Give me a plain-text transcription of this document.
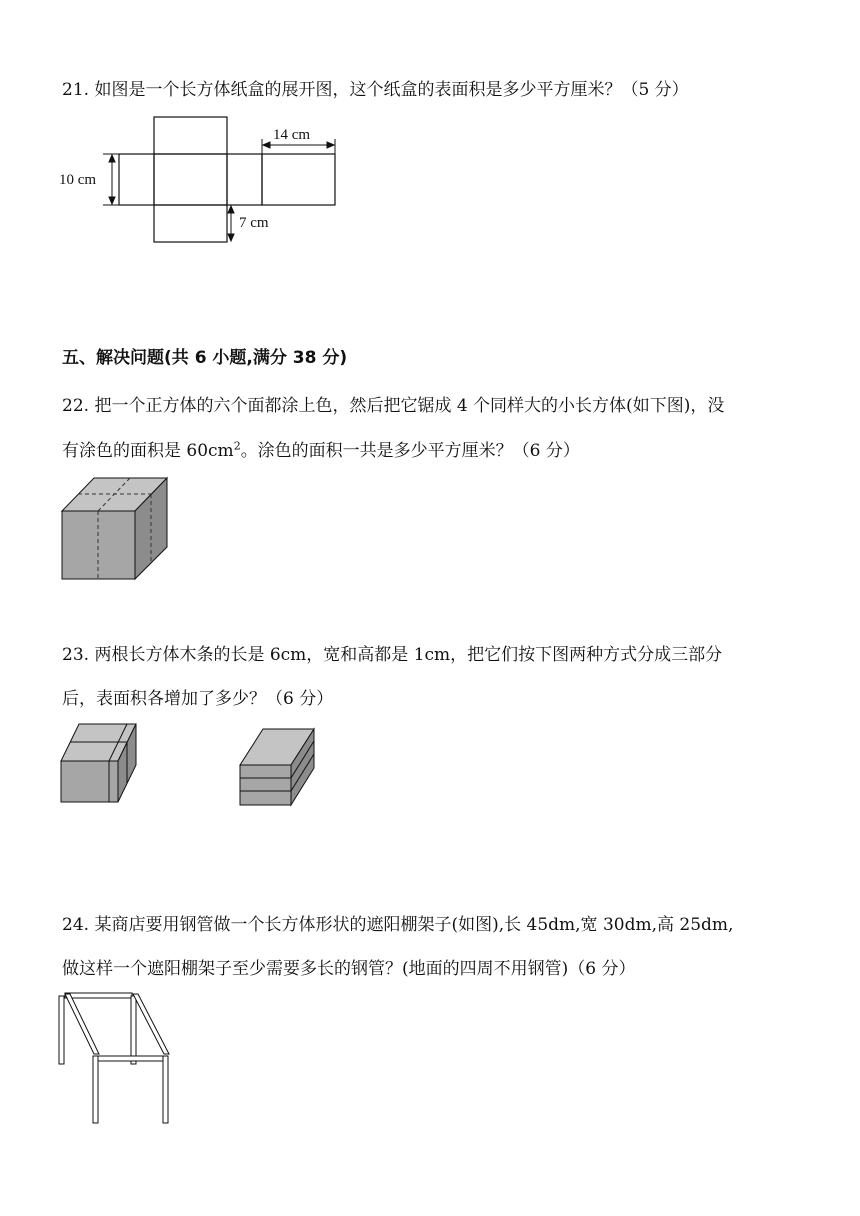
21. 如图是一个长方体纸盒的展开图，这个纸盒的表面积是多少平方厘米？（5 分）

10 cm
14 cm
7 cm

五、解决问题(共 6 小题,满分 38 分)

22. 把一个正方体的六个面都涂上色，然后把它锯成 4 个同样大的小长方体(如下图)，没

有涂色的面积是 $60cm^2$。涂色的面积一共是多少平方厘米？（6 分）

23. 两根长方体木条的长是 6cm，宽和高都是 1cm，把它们按下图两种方式分成三部分

后，表面积各增加了多少？（6 分）

24. 某商店要用钢管做一个长方体形状的遮阳棚架子(如图),长 45dm,宽 30dm,高 25dm,

做这样一个遮阳棚架子至少需要多长的钢管？(地面的四周不用钢管)（6 分）
